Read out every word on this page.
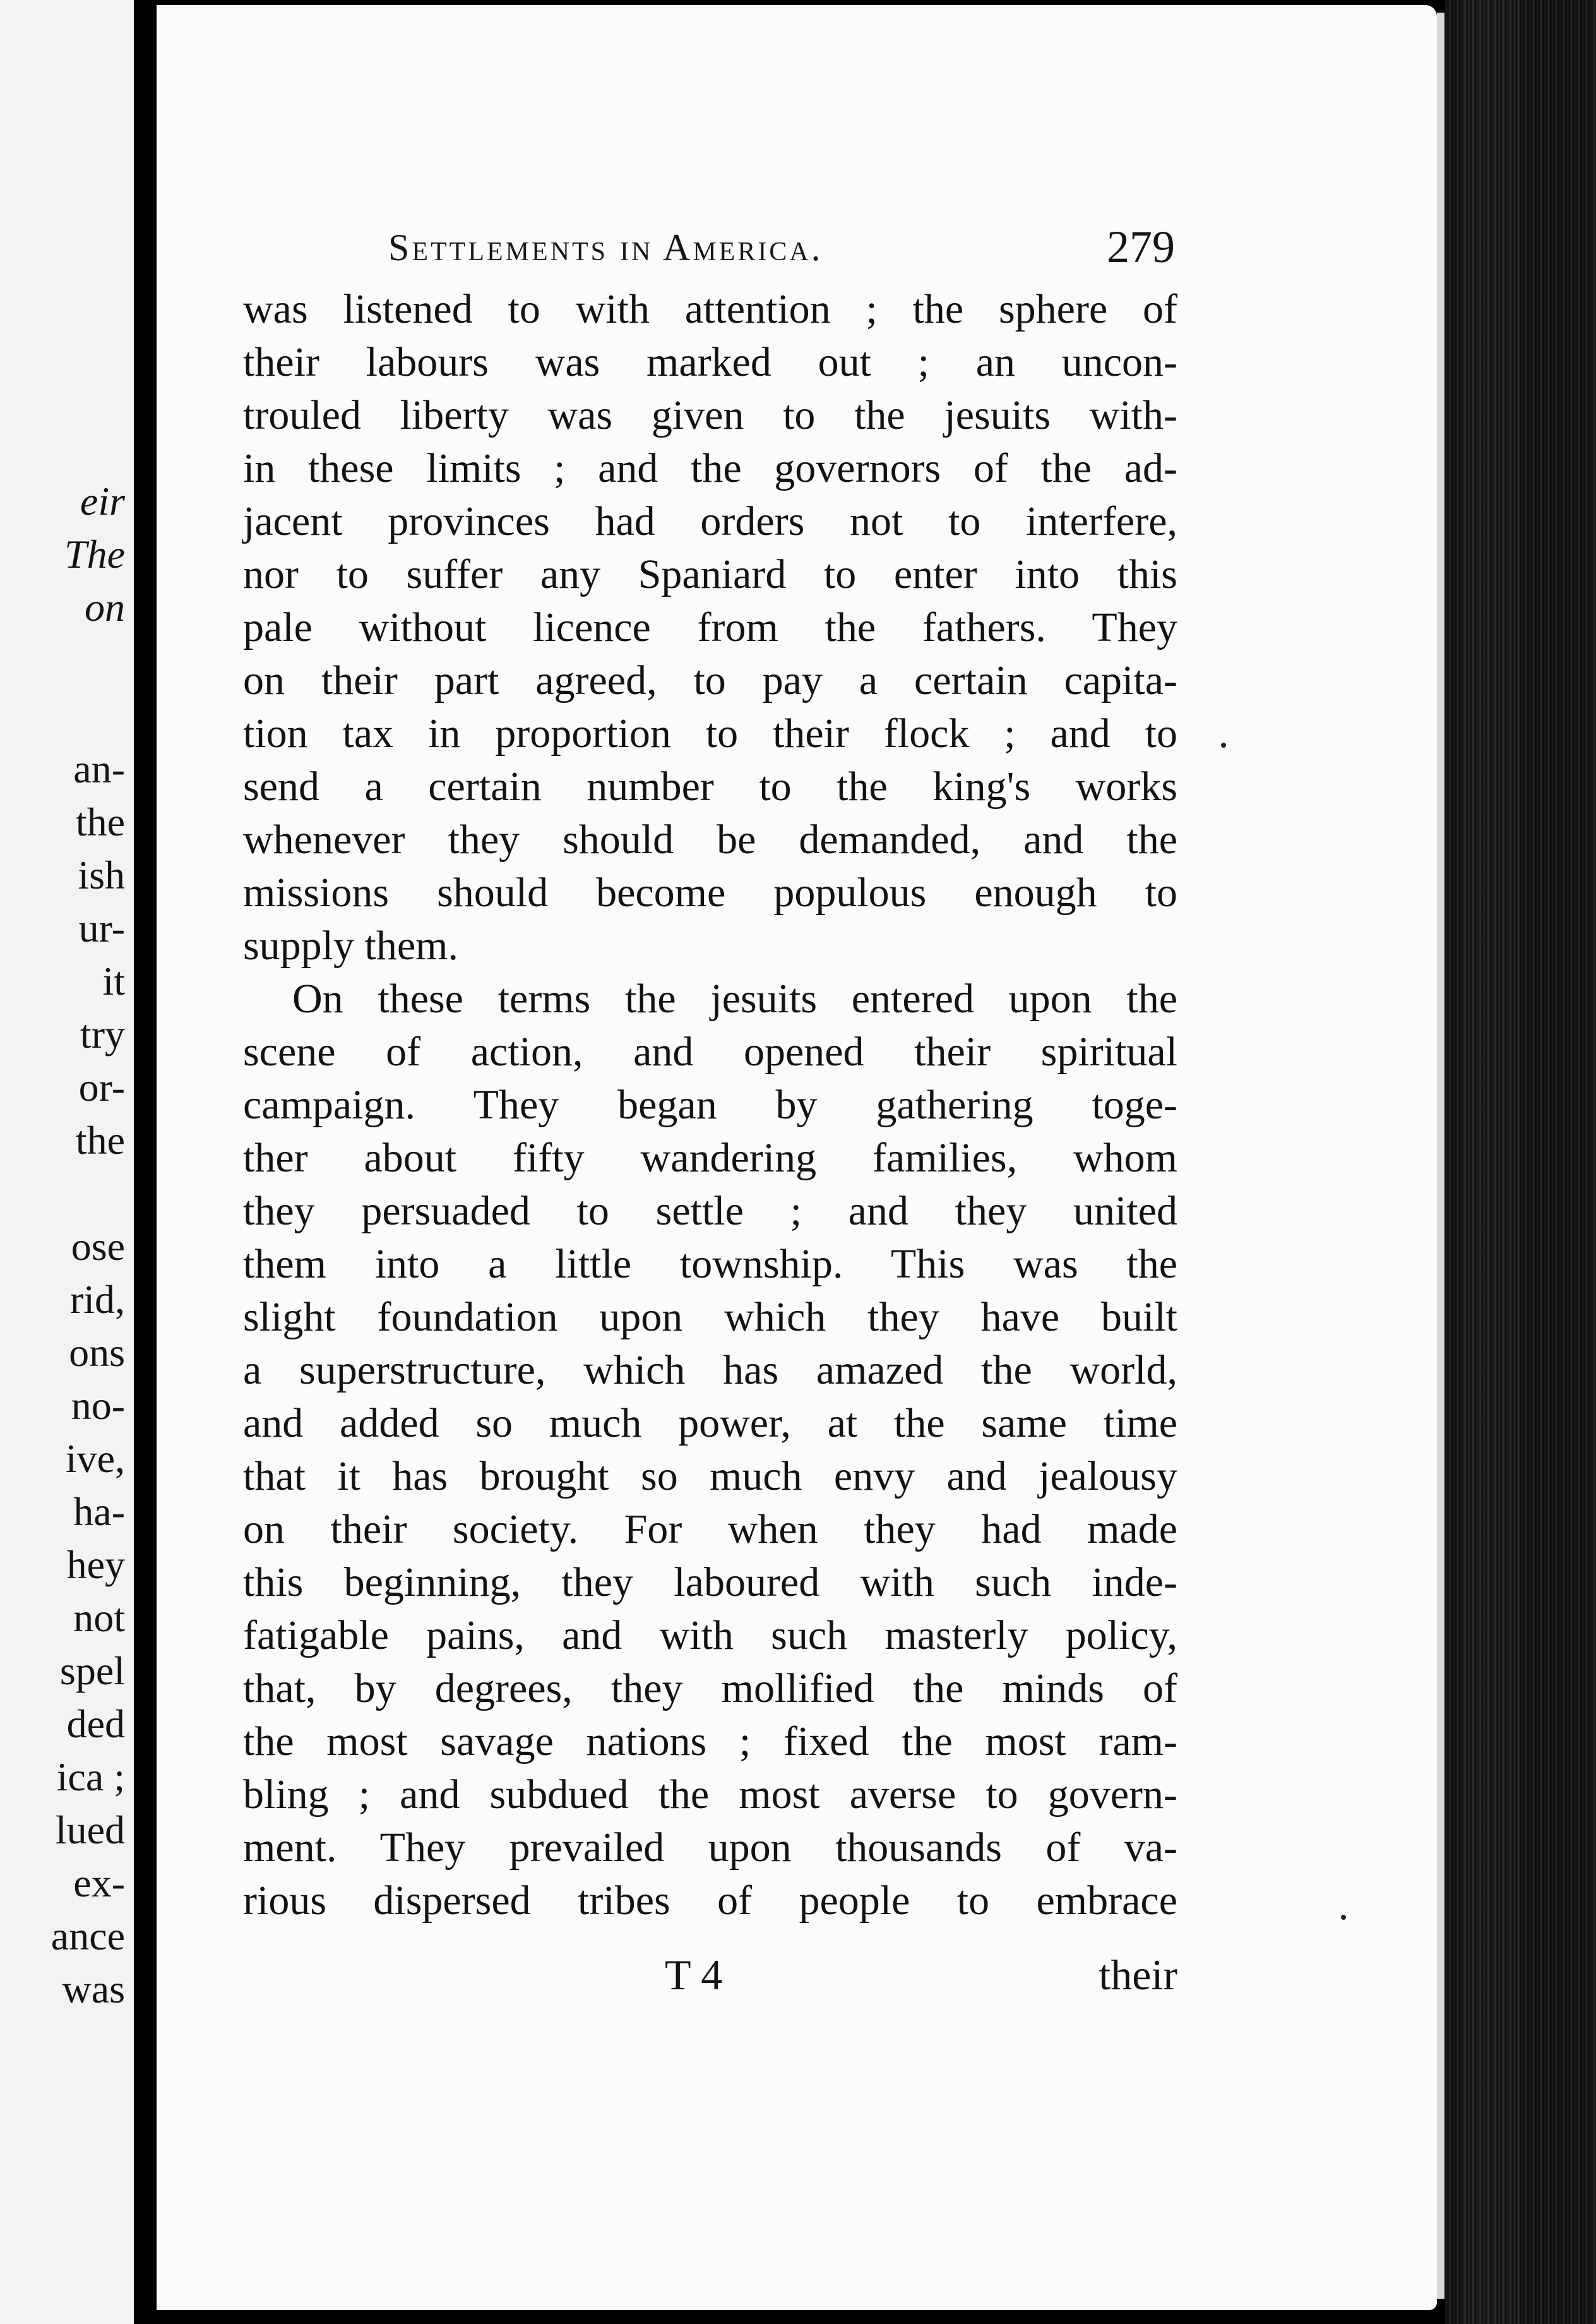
eir
The
on
an-
the
ish
ur-
it
try
or-
the
ose
rid,
ons
no-
ive,
ha-
hey
not
spel
ded
ica ;
lued
ex-
ance
was
Settlements in America.	279
was listened to with attention ; the sphere of
their labours was marked out ; an uncon-
trouled liberty was given to the jesuits with-
in these limits ; and the governors of the ad-
jacent provinces had orders not to interfere,
nor to suffer any Spaniard to enter into this
pale without licence from the fathers. They
on their part agreed, to pay a certain capita-
tion tax in proportion to their flock ; and to
send a certain number to the king's works
whenever they should be demanded, and the
missions should become populous enough to
supply them.
On these terms the jesuits entered upon the
scene of action, and opened their spiritual
campaign. They began by gathering toge-
ther about fifty wandering families, whom
they persuaded to settle ; and they united
them into a little township. This was the
slight foundation upon which they have built
a superstructure, which has amazed the world,
and added so much power, at the same time
that it has brought so much envy and jealousy
on their society. For when they had made
this beginning, they laboured with such inde-
fatigable pains, and with such masterly policy,
that, by degrees, they mollified the minds of
the most savage nations ; fixed the most ram-
bling ; and subdued the most averse to govern-
ment. They prevailed upon thousands of va-
rious dispersed tribes of people to embrace
T 4	their
